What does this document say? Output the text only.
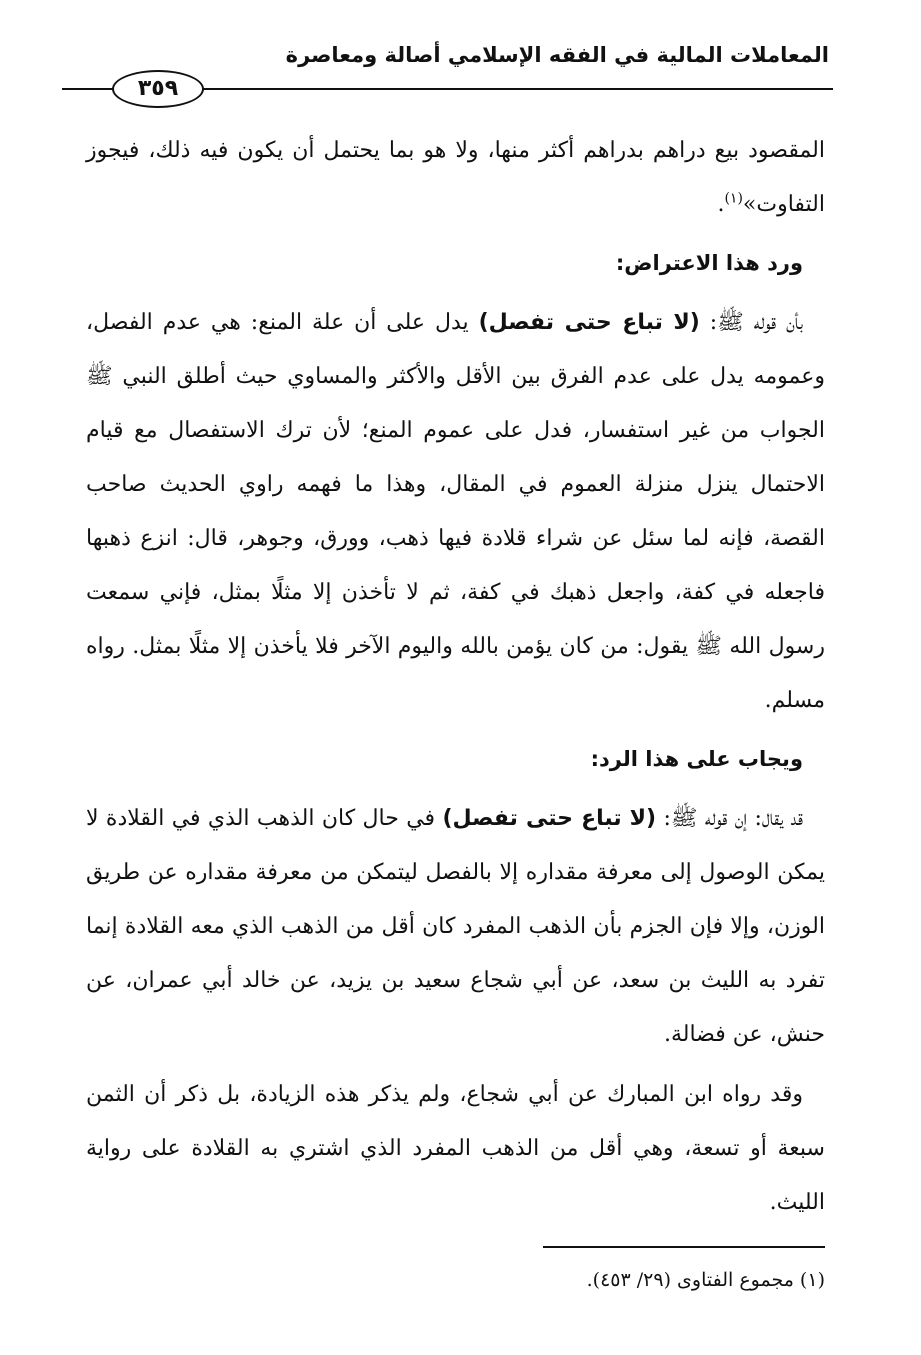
المعاملات المالية في الفقه الإسلامي أصالة ومعاصرة
٣٥٩

المقصود بيع دراهم بدراهم أكثر منها، ولا هو بما يحتمل أن يكون فيه ذلك، فيجوز التفاوت»$^{(١)}$.

ورد هذا الاعتراض:

بأن قوله ﷺ: (لا تباع حتى تفصل) يدل على أن علة المنع: هي عدم الفصل، وعمومه يدل على عدم الفرق بين الأقل والأكثر والمساوي حيث أطلق النبي ﷺ الجواب من غير استفسار، فدل على عموم المنع؛ لأن ترك الاستفصال مع قيام الاحتمال ينزل منزلة العموم في المقال، وهذا ما فهمه راوي الحديث صاحب القصة، فإنه لما سئل عن شراء قلادة فيها ذهب، وورق، وجوهر، قال: انزع ذهبها فاجعله في كفة، واجعل ذهبك في كفة، ثم لا تأخذن إلا مثلًا بمثل، فإني سمعت رسول الله ﷺ يقول: من كان يؤمن بالله واليوم الآخر فلا يأخذن إلا مثلًا بمثل. رواه مسلم.

ويجاب على هذا الرد:

قد يقال: إن قوله ﷺ: (لا تباع حتى تفصل) في حال كان الذهب الذي في القلادة لا يمكن الوصول إلى معرفة مقداره إلا بالفصل ليتمكن من معرفة مقداره عن طريق الوزن، وإلا فإن الجزم بأن الذهب المفرد كان أقل من الذهب الذي معه القلادة إنما تفرد به الليث بن سعد، عن أبي شجاع سعيد بن يزيد، عن خالد أبي عمران، عن حنش، عن فضالة.

وقد رواه ابن المبارك عن أبي شجاع، ولم يذكر هذه الزيادة، بل ذكر أن الثمن سبعة أو تسعة، وهي أقل من الذهب المفرد الذي اشتري به القلادة على رواية الليث.

(١) مجموع الفتاوى (٢٩/ ٤٥٣).
